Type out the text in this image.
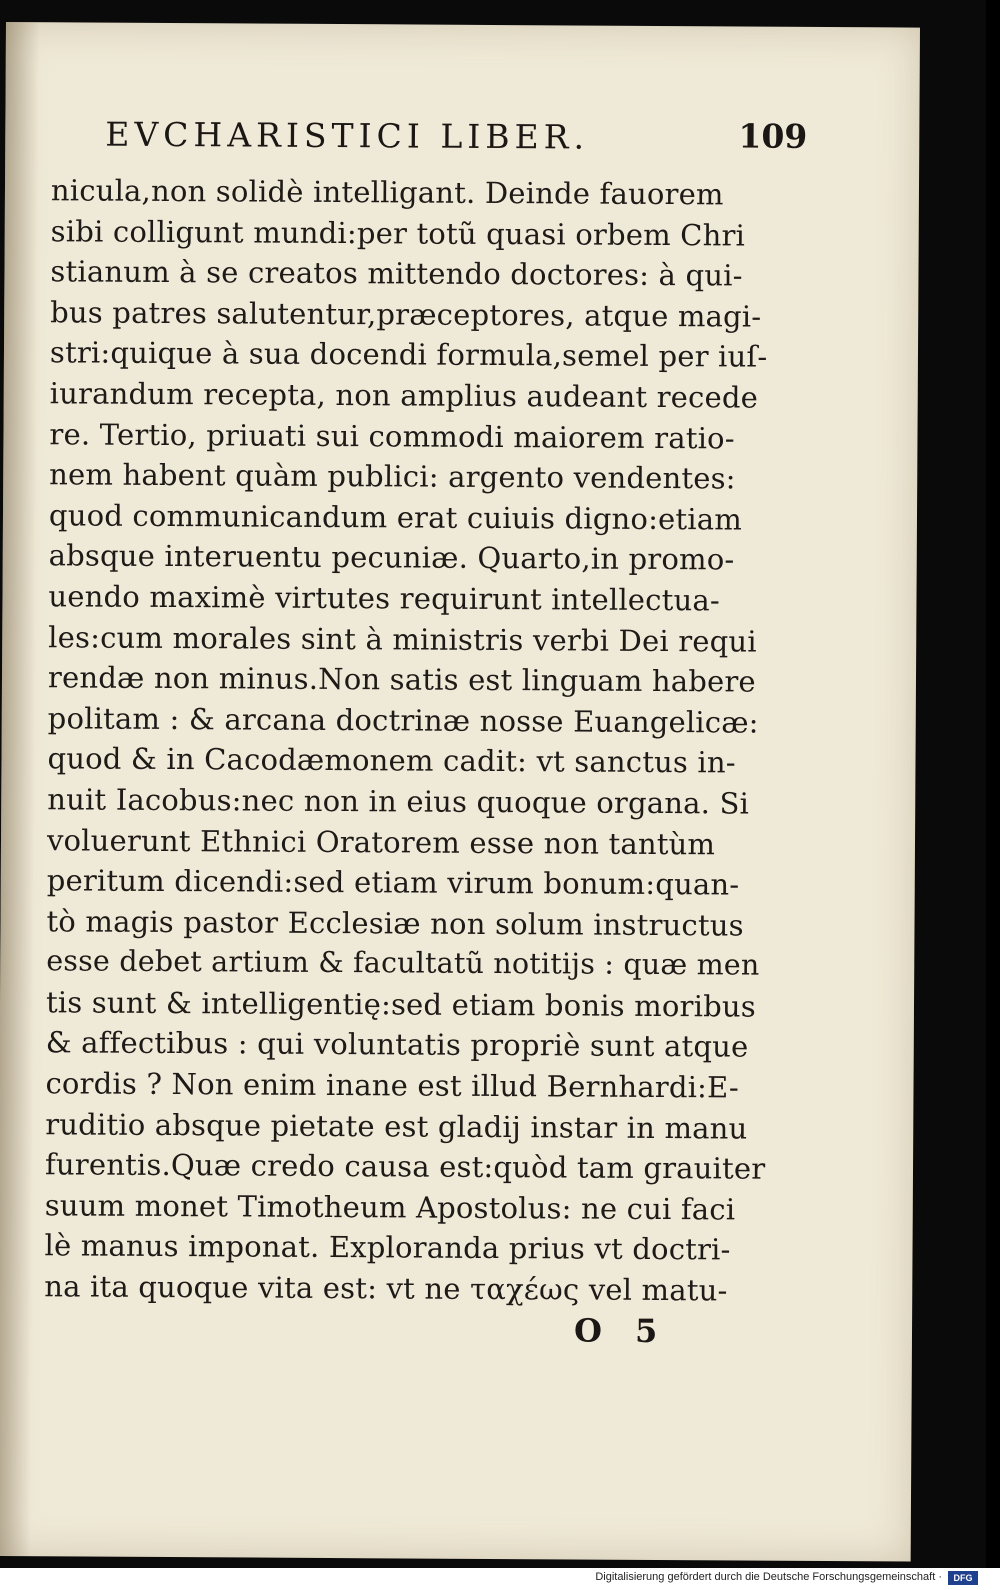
EVCHARISTICI LIBER.	109
nicula,non solidè intelligant. Deinde fauorem
sibi colligunt mundi:per totũ quasi orbem Chri
stianum à se creatos mittendo doctores: à qui-
bus patres salutentur,præceptores, atque magi-
stri:quique à sua docendi formula,semel per iuſ-
iurandum recepta, non amplius audeant recede
re. Tertio, priuati sui commodi maiorem ratio-
nem habent quàm publici: argento vendentes:
quod communicandum erat cuiuis digno:etiam
absque interuentu pecuniæ. Quarto,in promo-
uendo maximè virtutes requirunt intellectua-
les:cum morales sint à ministris verbi Dei requi
rendæ non minus.Non satis est linguam habere
politam : & arcana doctrinæ nosse Euangelicæ:
quod & in Cacodæmonem cadit: vt sanctus in-
nuit Iacobus:nec non in eius quoque organa. Si
voluerunt Ethnici Oratorem esse non tantùm
peritum dicendi:sed etiam virum bonum:quan-
tò magis pastor Ecclesiæ non solum instructus
esse debet artium & facultatũ notitijs : quæ men
tis sunt & intelligentię:sed etiam bonis moribus
& affectibus : qui voluntatis propriè sunt atque
cordis ? Non enim inane est illud Bernhardi:E-
ruditio absque pietate est gladij instar in manu
furentis.Quæ credo causa est:quòd tam grauiter
suum monet Timotheum Apostolus: ne cui faci
lè manus imponat. Exploranda prius vt doctri-
na ita quoque vita est: vt ne ταχέως vel matu-
O 5
Digitalisierung gefördert durch die Deutsche Forschungsgemeinschaft ·	DFG
